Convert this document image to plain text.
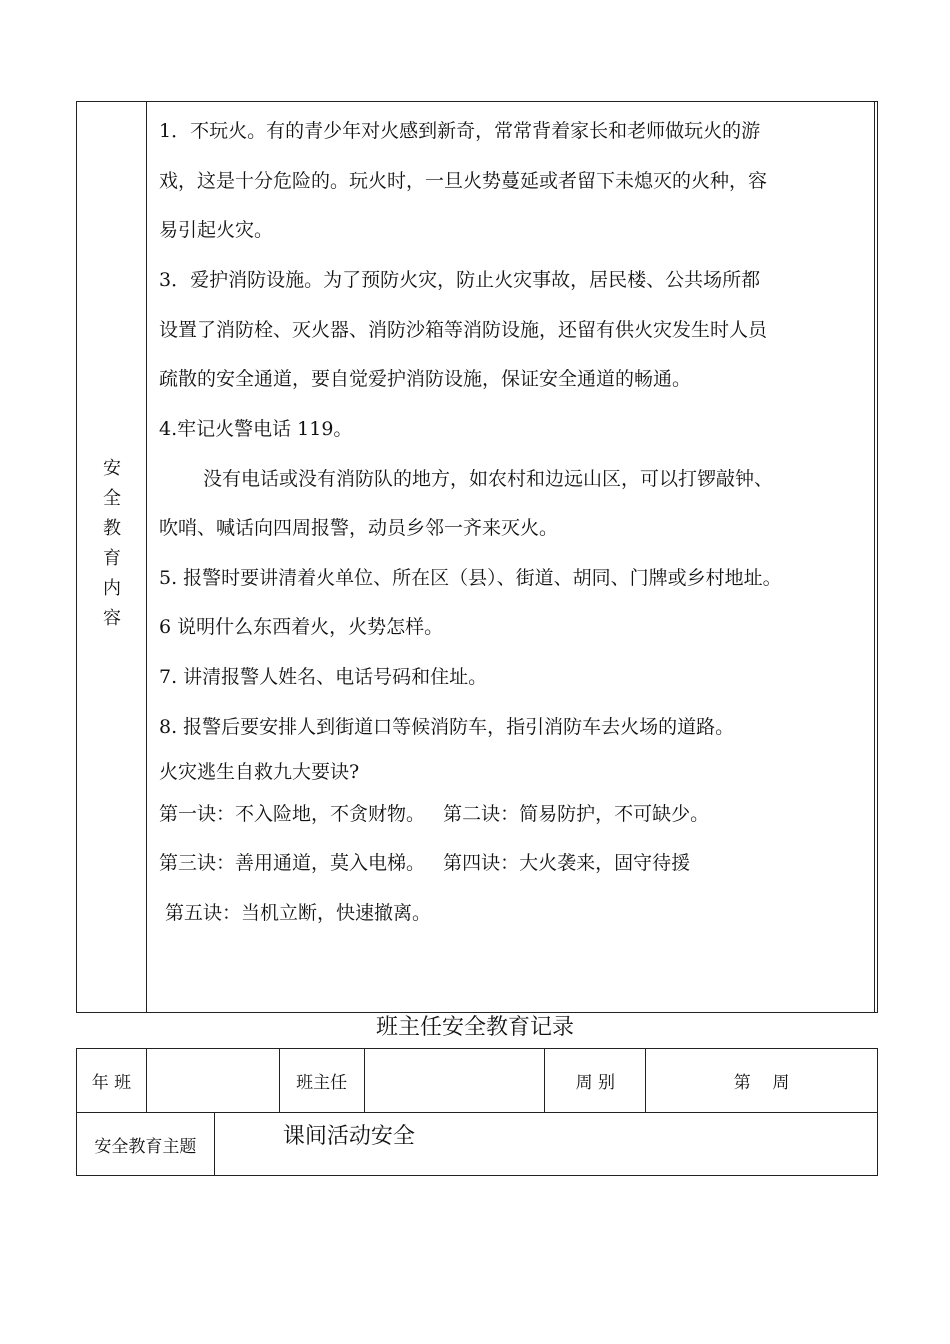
安
全
教
育
内
容

1．不玩火。有的青少年对火感到新奇，常常背着家长和老师做玩火的游

戏，这是十分危险的。玩火时，一旦火势蔓延或者留下未熄灭的火种，容

易引起火灾。

3．爱护消防设施。为了预防火灾，防止火灾事故，居民楼、公共场所都

设置了消防栓、灭火器、消防沙箱等消防设施，还留有供火灾发生时人员

疏散的安全通道，要自觉爱护消防设施，保证安全通道的畅通。

4.牢记火警电话 119。

没有电话或没有消防队的地方，如农村和边远山区，可以打锣敲钟、

吹哨、喊话向四周报警，动员乡邻一齐来灭火。

5. 报警时要讲清着火单位、所在区（县）、街道、胡同、门牌或乡村地址。

6 说明什么东西着火，火势怎样。

7. 讲清报警人姓名、电话号码和住址。

8. 报警后要安排人到街道口等候消防车，指引消防车去火场的道路。

火灾逃生自救九大要诀?

第一诀：不入险地，不贪财物。   第二诀：简易防护，不可缺少。

第三诀：善用通道，莫入电梯。   第四诀：大火袭来，固守待援

第五诀：当机立断，快速撤离。

班主任安全教育记录
年 班			班主任		周 别	第    周
安全教育主题		课间活动安全				
